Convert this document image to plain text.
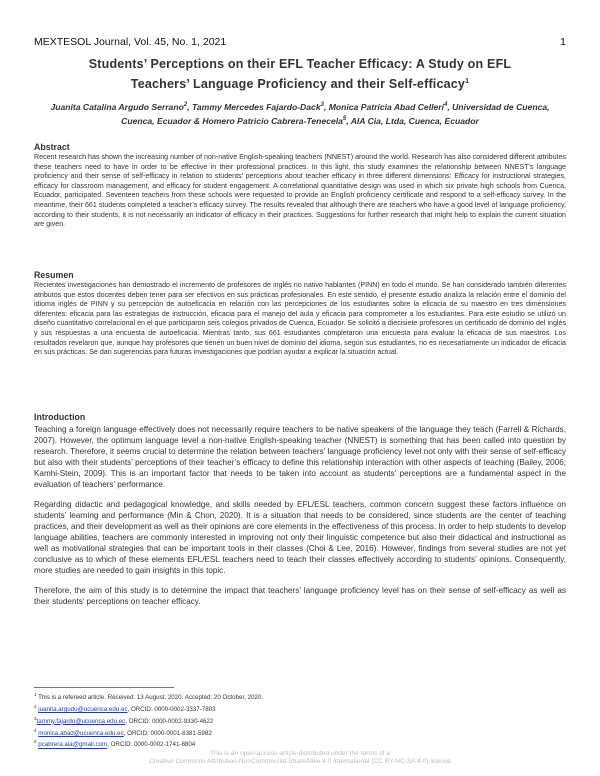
MEXTESOL Journal, Vol. 45, No. 1, 2021	1
Students’ Perceptions on their EFL Teacher Efficacy: A Study on EFL
Teachers’ Language Proficiency and their Self-efficacy$^1$
Juanita Catalina Argudo Serrano$^2$, Tammy Mercedes Fajardo-Dack$^3$, Monica Patricia Abad Celleri$^4$, Universidad de Cuenca, Cuenca, Ecuador & Homero Patricio Cabrera-Tenecela$^5$, AIA Cia, Ltda, Cuenca, Ecuador
Abstract

Recent research has shown the increasing number of non-native English-speaking teachers (NNEST) around the world. Research has also considered different attributes these teachers need to have in order to be effective in their professional practices. In this light, this study examines the relationship between NNEST’s language proficiency and their sense of self-efficacy in relation to students’ perceptions about teacher efficacy in three different dimensions: Efficacy for instructional strategies, efficacy for classroom management, and efficacy for student engagement. A correlational quantitative design was used in which six private high schools from Cuenca, Ecuador, participated. Seventeen teachers from these schools were requested to provide an English proficiency certificate and respond to a self-efficacy survey. In the meantime, their 661 students completed a teacher’s efficacy survey. The results revealed that although there are teachers who have a good level of language proficiency, according to their students, it is not necessarily an indicator of efficacy in their practices. Suggestions for further research that might help to explain the current situation are given.

Resumen

Recientes investigaciones han demostrado el incremento de profesores de inglés no nativo hablantes (PINN) en todo el mundo. Se han considerado también diferentes atributos que estos docentes deben tener para ser efectivos en sus prácticas profesionales. En este sentido, el presente estudio analiza la relación entre el dominio del idioma inglés de PINN y su percepción de autoeficacia en relación con las percepciones de los estudiantes sobre la eficacia de su maestro en tres dimensiones diferentes: eficacia para las estrategias de instrucción, eficacia para el manejo del aula y eficacia para comprometer a los estudiantes. Para este estudio se utilizó un diseño cuantitativo correlacional en el que participaron seis colegios privados de Cuenca, Ecuador. Se solicitó a diecisiete profesores un certificado de dominio del inglés y sus respuestas a una encuesta de autoeficacia. Mientras tanto, sus 661 estudiantes completaron una encuesta para evaluar la eficacia de sus maestros. Los resultados revelaron que, aunque hay profesores que tienen un buen nivel de dominio del idioma, según sus estudiantes, no es necesariamente un indicador de eficacia en sus prácticas. Se dan sugerencias para futuras investigaciones que podrían ayudar a explicar la situación actual.

Introduction

Teaching a foreign language effectively does not necessarily require teachers to be native speakers of the language they teach (Farrell & Richards, 2007). However, the optimum language level a non-native English-speaking teacher (NNEST) is something that has been called into question by research. Therefore, it seems crucial to determine the relation between teachers’ language proficiency level not only with their sense of self-efficacy but also with their students’ perceptions of their teacher’s efficacy to define this relationship interaction with other aspects of teaching (Bailey, 2006; Kamhi-Stein, 2009). This is an important factor that needs to be taken into account as students’ perceptions are a fundamental aspect in the evaluation of teachers’ performance.

Regarding didactic and pedagogical knowledge, and skills needed by EFL/ESL teachers, common concern suggest these factors influence on students’ learning and performance (Min & Chon, 2020). It is a situation that needs to be considered, since students are the center of teaching practices, and their development as well as their opinions are core elements in the effectiveness of this process. In order to help students to develop language abilities, teachers are commonly interested in improving not only their linguistic competence but also their didactical and instructional as well as motivational strategies that can be important tools in their classes (Choi & Lee, 2016). However, findings from several studies are not yet conclusive as to which of these elements EFL/ESL teachers need to teach their classes effectively according to students’ opinions. Consequently, more studies are needed to gain insights in this topic.

Therefore, the aim of this study is to determine the impact that teachers’ language proficiency level has on their sense of self-efficacy as well as their students’ perceptions on teacher efficacy.

$^1$ This is a refereed article. Received: 13 August, 2020. Accepted: 20 October, 2020.
$^2$ juanita.argudo@ucuenca.edu.ec, ORCID: 0000-0002-3337-7803
$^3$tammy.fajardo@ucuenca.edu.ec, ORCID: 0000-0002-9330-4622
$^4$ monica.abad@ucuenca.edu.ec, ORCID: 0000-0001-8381-5982
$^5$ pcabrera.aia@gmail.com, ORCID: 0000-0002-1741-8804
This is an open-access article distributed under the terms of a
Creative Commons Attribution-NonCommercial-ShareAlike 4.0 International (CC BY-NC-SA 4.0) license
